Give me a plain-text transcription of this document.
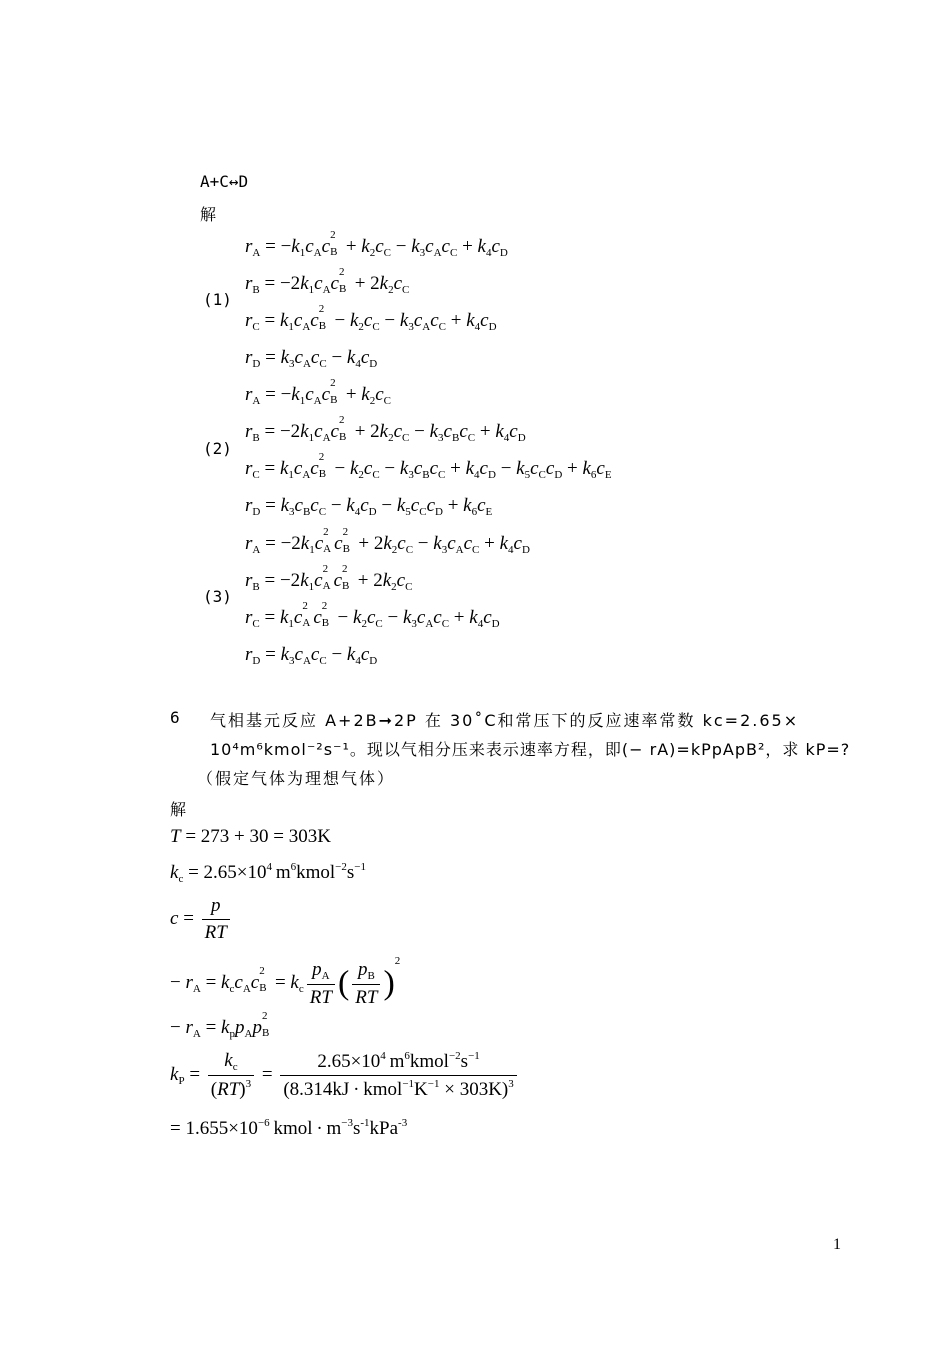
A+C↔D
解
(1)
$r_A = -k_1c_Ac$
2
$B + k_2c_C - k_3c_Ac_C + k_4c_D$
$r_B = -2k_1c_Ac$
2
$B + 2k_2c_C$
$r_C = k_1c_Ac$
2
$B - k_2c_C - k_3c_Ac_C + k_4c_D$
$r_D = k_3c_Ac_C - k_4c_D$
(2)
$r_A = -k_1c_Ac$
2
$B + k_2c_C$
$r_B = -2k_1c_Ac$
2
$B + 2k_2c_C - k_3c_Bc_C + k_4c_D$
$r_C = k_1c_Ac$
2
$B - k_2c_C - k_3c_Bc_C + k_4c_D - k_5c_Cc_D + k_6c_E$
$r_D = k_3c_Bc_C - k_4c_D - k_5c_Cc_D + k_6c_E$
(3)
$r_A = -2k_1c$
2
A c
2
$B + 2k_2c_C - k_3c_Ac_C + k_4c_D$
$r_B = -2k_1c$
2
A c
2
$B + 2k_2c_C$
$r_C = k_1c$
2
A c
2
$B - k_2c_C - k_3c_Ac_C + k_4c_D$
$r_D = k_3c_Ac_C - k_4c_D$
6 气相基元反应 A+2B➞2P 在 30˚C和常压下的反应速率常数 kc=2.65×
10⁴m⁶kmol⁻²s⁻¹。现以气相分压来表示速率方程，即(− rA)=kPpApB²，求 kP=?
（假定气体为理想气体）
解
T = 273 + 30 = 303K
$k_c = 2.65\times 10^4$ $m^6kmol^{-2}s^{-1}$
$c = \frac{p}{RT}$
− $r_A = k_cc_Ac$
2
$B = k_c \frac{p_A}{RT}$ ( $\frac{p_B}{RT} )^2$
− $r_A = k_pp_Ap$
2
B
$k_P = \frac{k_c}{(RT)^3} = \frac{2.65\times 10^4 m^6kmol^{-2}s^{-1}}{(8.314kJ \cdot kmol^{-1}K^{-1} \times 303K)^3}$
= $1.655\times 10^{-6}$ kmol · $m^{-3}s^{-1}kPa^{-3}$
1
